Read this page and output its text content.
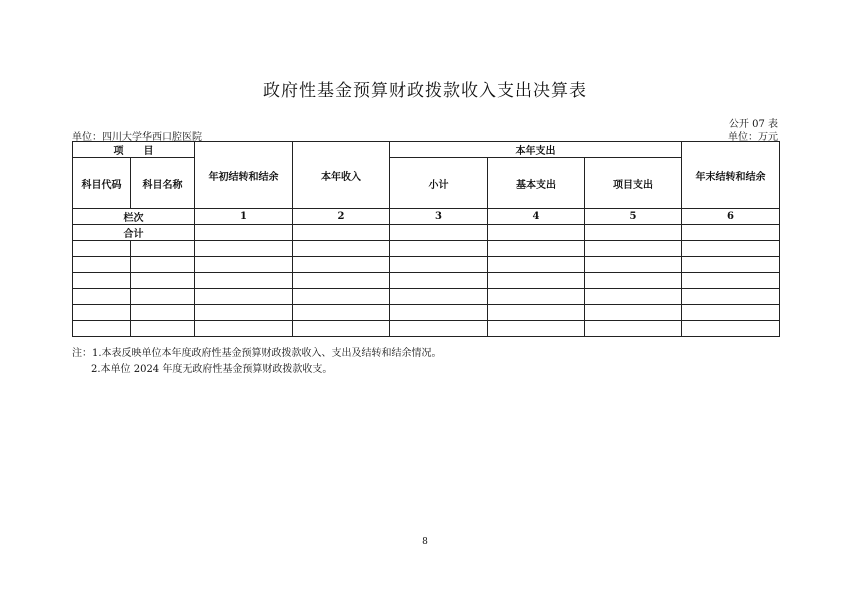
政府性基金预算财政拨款收入支出决算表
公开 07 表
单位：四川大学华西口腔医院	单位：万元
项　　目		年初结转和结余	本年收入	本年支出			年末结转和结余
科目代码	科目名称			小计	基本支出	项目支出	
栏次		1	2	3	4	5	6
合计							

注：1.本表反映单位本年度政府性基金预算财政拨款收入、支出及结转和结余情况。
2.本单位 2024 年度无政府性基金预算财政拨款收支。
8
